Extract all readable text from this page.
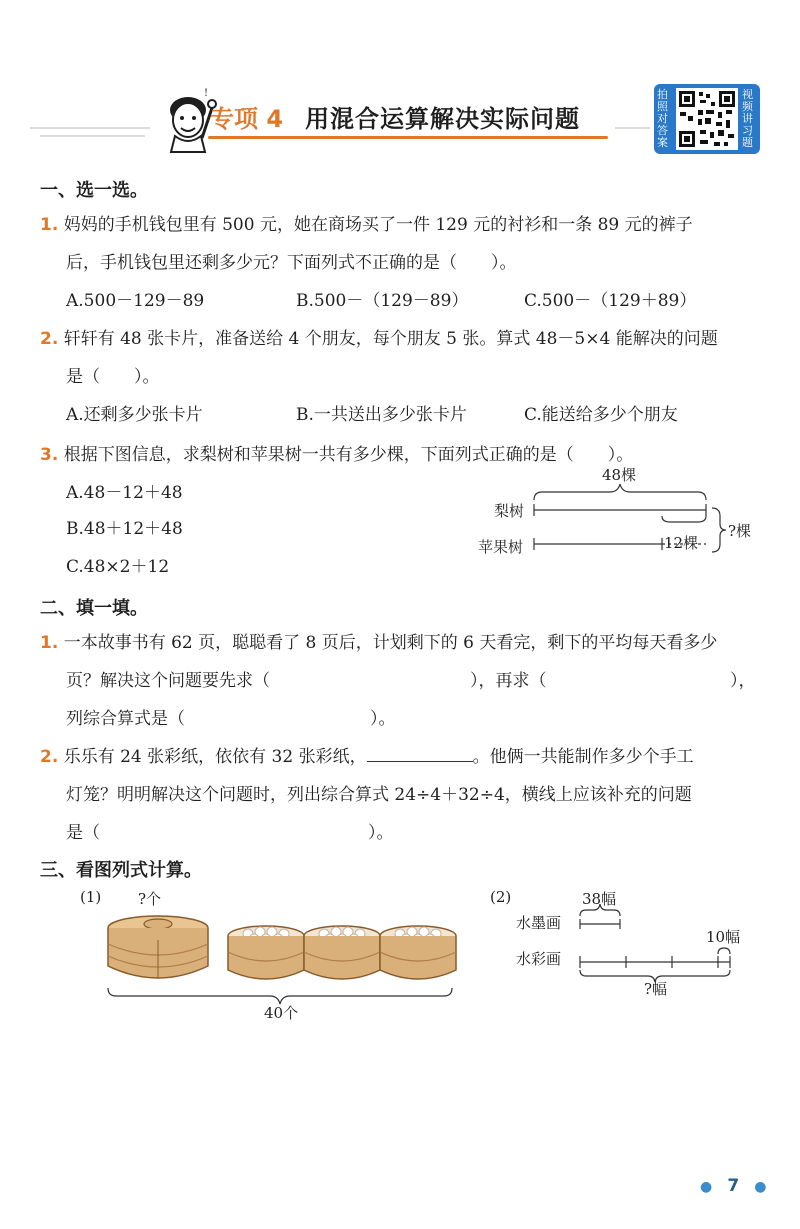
!
专项 4 用混合运算解决实际问题
拍照对答案
视频讲习题
一、选一选。
1. 妈妈的手机钱包里有 500 元，她在商场买了一件 129 元的衬衫和一条 89 元的裤子
后，手机钱包里还剩多少元？下面列式不正确的是（　　）。
A.500－129－89	B.500－（129－89）	C.500－（129＋89）
2. 轩轩有 48 张卡片，准备送给 4 个朋友，每个朋友 5 张。算式 48－5×4 能解决的问题
是（　　）。
A.还剩多少张卡片	B.一共送出多少张卡片	C.能送给多少个朋友
3. 根据下图信息，求梨树和苹果树一共有多少棵，下面列式正确的是（　　）。
A.48－12＋48
B.48＋12＋48
C.48×2＋12
48棵
梨树
苹果树	12棵
?棵
二、填一填。
1. 一本故事书有 62 页，聪聪看了 8 页后，计划剩下的 6 天看完，剩下的平均每天看多少
页？解决这个问题要先求（	），再求（	），
列综合算式是（	）。
2. 乐乐有 24 张彩纸，依依有 32 张彩纸，	。他俩一共能制作多少个手工
灯笼？明明解决这个问题时，列出综合算式 24÷4＋32÷4，横线上应该补充的问题
是（	）。
三、看图列式计算。
(1) ?个
40个
(2)	38幅
水墨画
10幅
水彩画
?幅
● 7 ●
